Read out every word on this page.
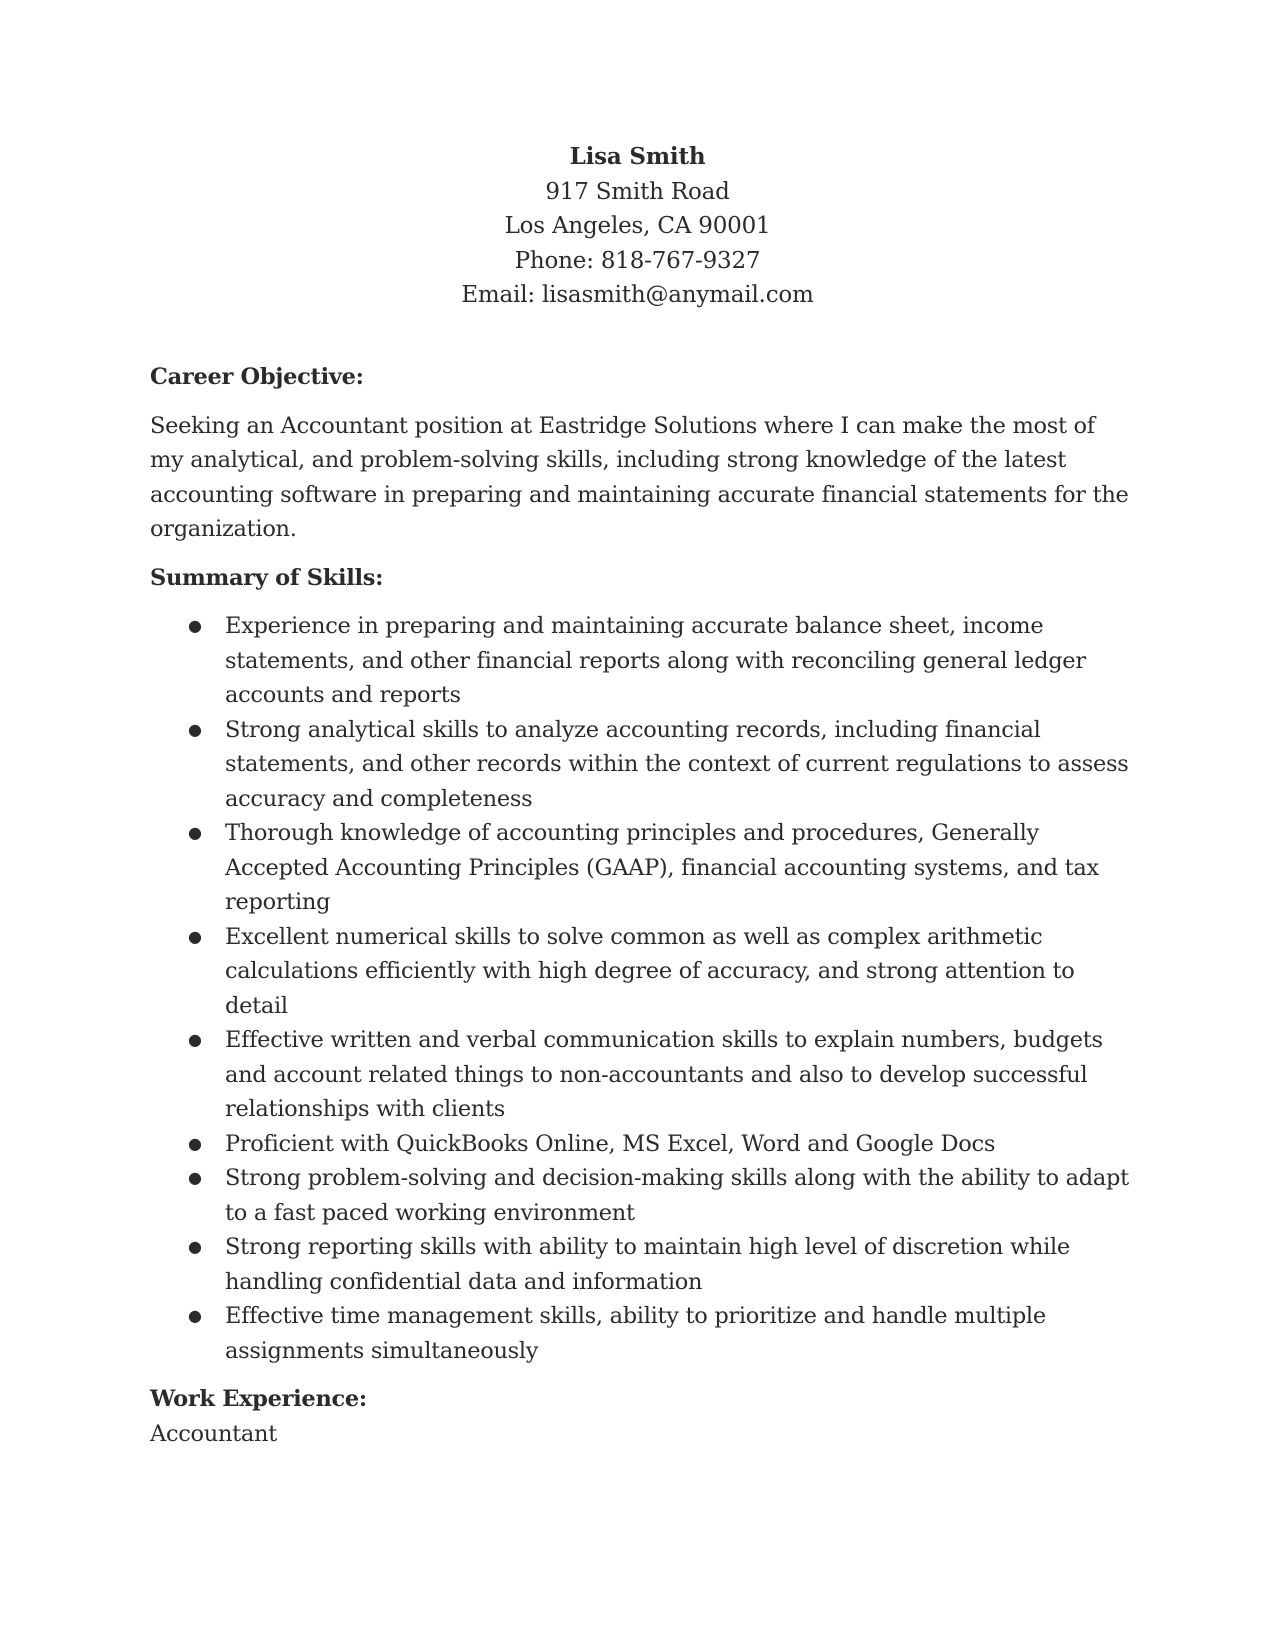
Lisa Smith
917 Smith Road
Los Angeles, CA 90001
Phone: 818-767-9327
Email: lisasmith@anymail.com

Career Objective:

Seeking an Accountant position at Eastridge Solutions where I can make the most of my analytical, and problem-solving skills, including strong knowledge of the latest accounting software in preparing and maintaining accurate financial statements for the organization.

Summary of Skills:

● Experience in preparing and maintaining accurate balance sheet, income statements, and other financial reports along with reconciling general ledger accounts and reports
● Strong analytical skills to analyze accounting records, including financial statements, and other records within the context of current regulations to assess accuracy and completeness
● Thorough knowledge of accounting principles and procedures, Generally Accepted Accounting Principles (GAAP), financial accounting systems, and tax reporting
● Excellent numerical skills to solve common as well as complex arithmetic calculations efficiently with high degree of accuracy, and strong attention to detail
● Effective written and verbal communication skills to explain numbers, budgets and account related things to non-accountants and also to develop successful relationships with clients
● Proficient with QuickBooks Online, MS Excel, Word and Google Docs
● Strong problem-solving and decision-making skills along with the ability to adapt to a fast paced working environment
● Strong reporting skills with ability to maintain high level of discretion while handling confidential data and information
● Effective time management skills, ability to prioritize and handle multiple assignments simultaneously

Work Experience:

Accountant
